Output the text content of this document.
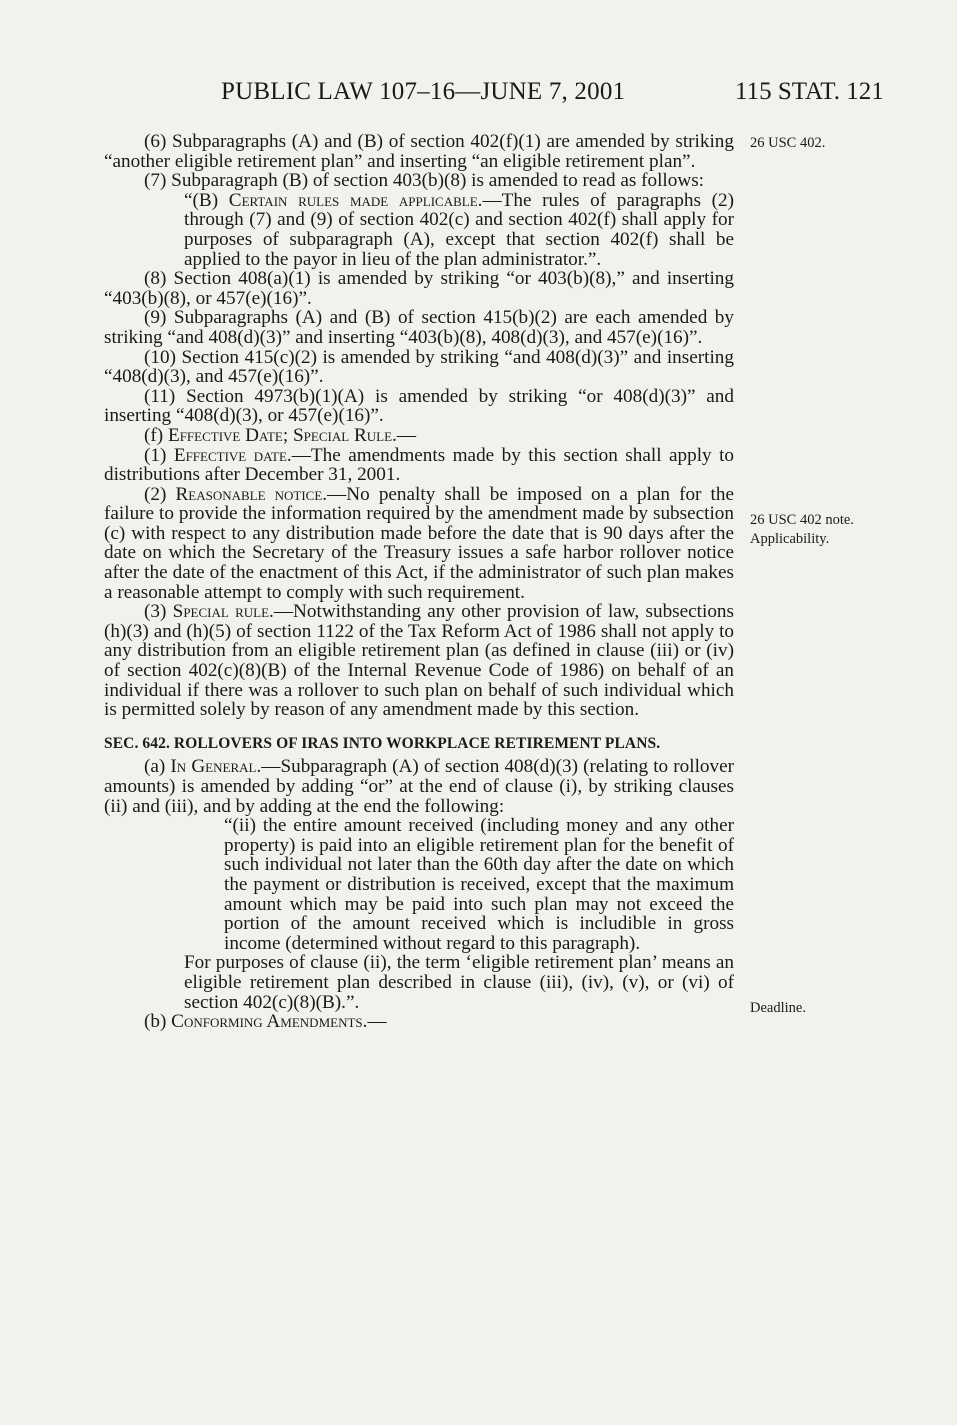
PUBLIC LAW 107–16—JUNE 7, 2001	115 STAT. 121
26 USC 402.
26 USC 402 note.
Applicability.
Deadline.

(6) Subparagraphs (A) and (B) of section 402(f)(1) are amended by striking “another eligible retirement plan” and inserting “an eligible retirement plan”.

(7) Subparagraph (B) of section 403(b)(8) is amended to read as follows:

“(B) Certain rules made applicable.—The rules of paragraphs (2) through (7) and (9) of section 402(c) and section 402(f) shall apply for purposes of subparagraph (A), except that section 402(f) shall be applied to the payor in lieu of the plan administrator.”.

(8) Section 408(a)(1) is amended by striking “or 403(b)(8),” and inserting “403(b)(8), or 457(e)(16)”.

(9) Subparagraphs (A) and (B) of section 415(b)(2) are each amended by striking “and 408(d)(3)” and inserting “403(b)(8), 408(d)(3), and 457(e)(16)”.

(10) Section 415(c)(2) is amended by striking “and 408(d)(3)” and inserting “408(d)(3), and 457(e)(16)”.

(11) Section 4973(b)(1)(A) is amended by striking “or 408(d)(3)” and inserting “408(d)(3), or 457(e)(16)”.

(f) Effective Date; Special Rule.—

(1) Effective date.—The amendments made by this section shall apply to distributions after December 31, 2001.

(2) Reasonable notice.—No penalty shall be imposed on a plan for the failure to provide the information required by the amendment made by subsection (c) with respect to any distribution made before the date that is 90 days after the date on which the Secretary of the Treasury issues a safe harbor rollover notice after the date of the enactment of this Act, if the administrator of such plan makes a reasonable attempt to comply with such requirement.

(3) Special rule.—Notwithstanding any other provision of law, subsections (h)(3) and (h)(5) of section 1122 of the Tax Reform Act of 1986 shall not apply to any distribution from an eligible retirement plan (as defined in clause (iii) or (iv) of section 402(c)(8)(B) of the Internal Revenue Code of 1986) on behalf of an individual if there was a rollover to such plan on behalf of such individual which is permitted solely by reason of any amendment made by this section.

SEC. 642. ROLLOVERS OF IRAS INTO WORKPLACE RETIREMENT PLANS.

(a) In General.—Subparagraph (A) of section 408(d)(3) (relating to rollover amounts) is amended by adding “or” at the end of clause (i), by striking clauses (ii) and (iii), and by adding at the end the following:

“(ii) the entire amount received (including money and any other property) is paid into an eligible retirement plan for the benefit of such individual not later than the 60th day after the date on which the payment or distribution is received, except that the maximum amount which may be paid into such plan may not exceed the portion of the amount received which is includible in gross income (determined without regard to this paragraph).

For purposes of clause (ii), the term ‘eligible retirement plan’ means an eligible retirement plan described in clause (iii), (iv), (v), or (vi) of section 402(c)(8)(B).”.

(b) Conforming Amendments.—
